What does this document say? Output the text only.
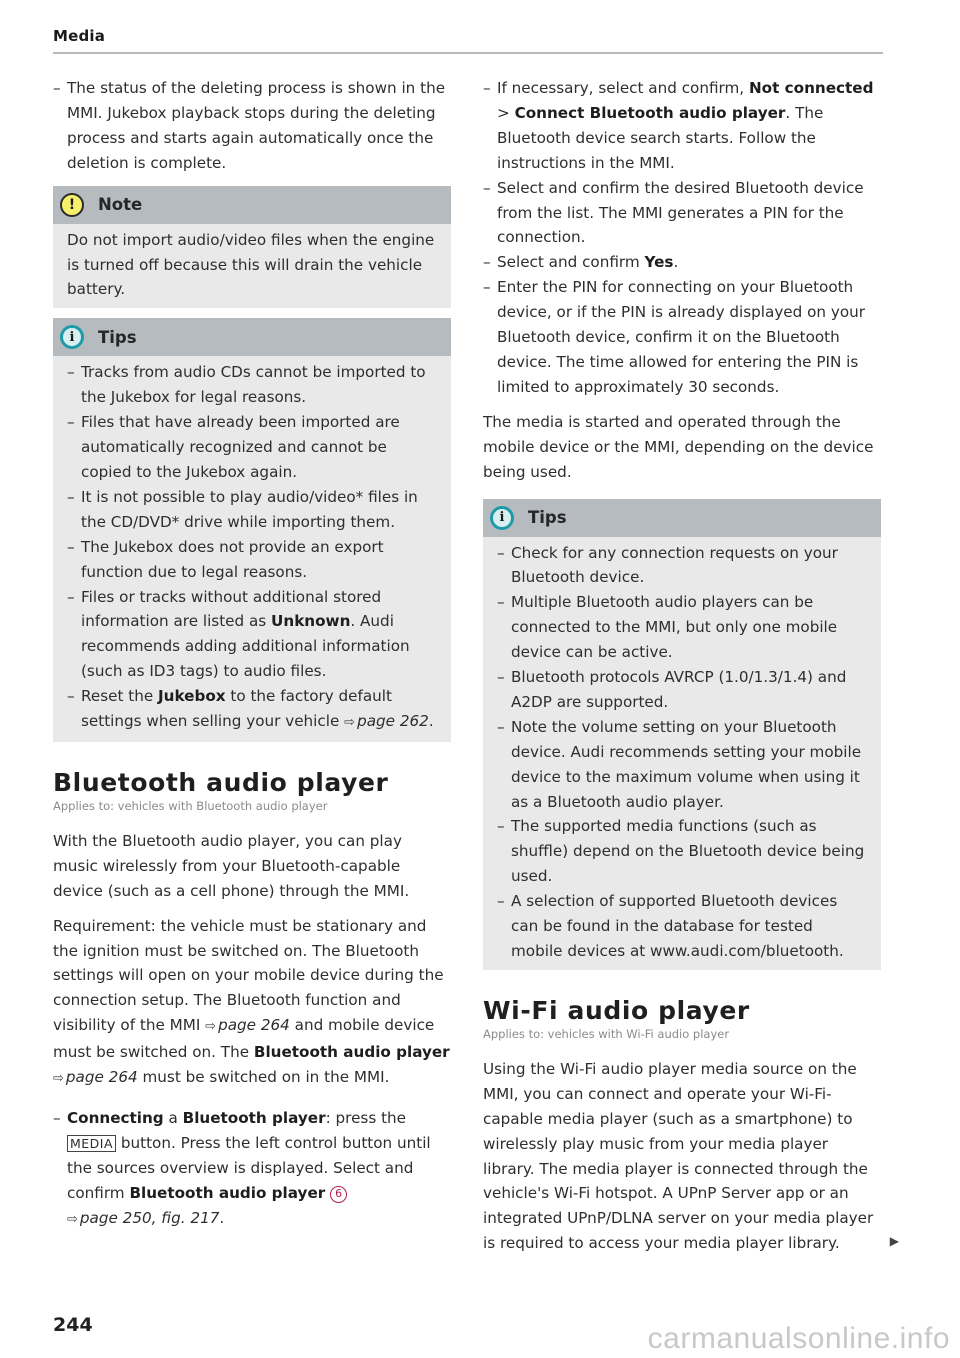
Media
– The status of the deleting process is shown in the MMI. Jukebox playback stops during the deleting process and starts again automatically once the deletion is complete.
!	Note
Do not import audio/video files when the engine is turned off because this will drain the vehicle battery.
i	Tips
– Tracks from audio CDs cannot be imported to the Jukebox for legal reasons.
– Files that have already been imported are automatically recognized and cannot be copied to the Jukebox again.
– It is not possible to play audio/video* files in the CD/DVD* drive while importing them.
– The Jukebox does not provide an export function due to legal reasons.
– Files or tracks without additional stored information are listed as Unknown. Audi recommends adding additional information (such as ID3 tags) to audio files.
– Reset the Jukebox to the factory default settings when selling your vehicle ⇨ page 262.
Bluetooth audio player
Applies to: vehicles with Bluetooth audio player
With the Bluetooth audio player, you can play music wirelessly from your Bluetooth-capable device (such as a cell phone) through the MMI.
Requirement: the vehicle must be stationary and the ignition must be switched on. The Bluetooth settings will open on your mobile device during the connection setup. The Bluetooth function and visibility of the MMI ⇨ page 264 and mobile device must be switched on. The Bluetooth audio player ⇨ page 264 must be switched on in the MMI.
– Connecting a Bluetooth player: press the MEDIA button. Press the left control button until the sources overview is displayed. Select and confirm Bluetooth audio player 6
⇨ page 250, fig. 217.
– If necessary, select and confirm, Not connected > Connect Bluetooth audio player. The Bluetooth device search starts. Follow the instructions in the MMI.
– Select and confirm the desired Bluetooth device from the list. The MMI generates a PIN for the connection.
– Select and confirm Yes.
– Enter the PIN for connecting on your Bluetooth device, or if the PIN is already displayed on your Bluetooth device, confirm it on the Bluetooth device. The time allowed for entering the PIN is limited to approximately 30 seconds.
The media is started and operated through the mobile device or the MMI, depending on the device being used.
i	Tips
– Check for any connection requests on your Bluetooth device.
– Multiple Bluetooth audio players can be connected to the MMI, but only one mobile device can be active.
– Bluetooth protocols AVRCP (1.0/1.3/1.4) and A2DP are supported.
– Note the volume setting on your Bluetooth device. Audi recommends setting your mobile device to the maximum volume when using it as a Bluetooth audio player.
– The supported media functions (such as shuffle) depend on the Bluetooth device being used.
– A selection of supported Bluetooth devices can be found in the database for tested mobile devices at www.audi.com/bluetooth.
Wi-Fi audio player
Applies to: vehicles with Wi-Fi audio player
Using the Wi-Fi audio player media source on the MMI, you can connect and operate your Wi-Fi-capable media player (such as a smartphone) to wirelessly play music from your media player library. The media player is connected through the vehicle's Wi-Fi hotspot. A UPnP Server app or an integrated UPnP/DLNA server on your media player is required to access your media player library.	▶
244	carmanualsonline.info
